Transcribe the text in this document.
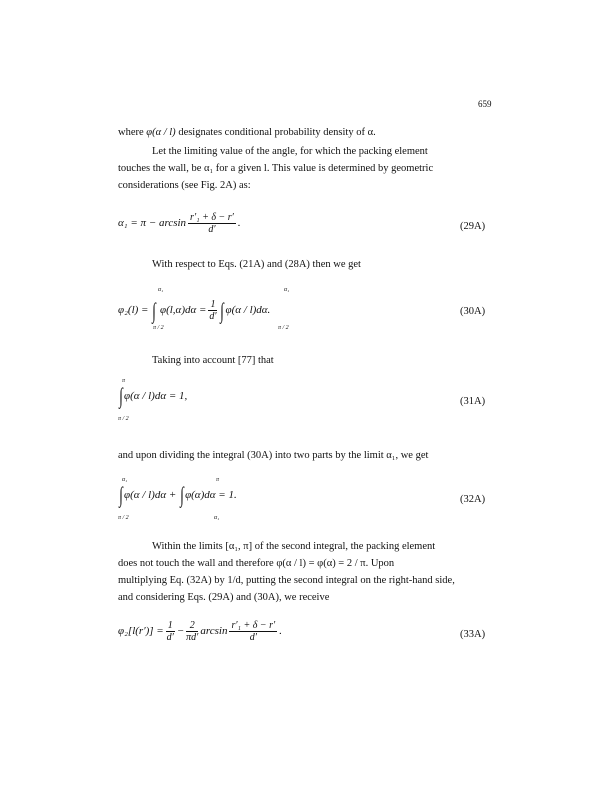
659
where φ(α / l) designates conditional probability density of α.
Let the limiting value of the angle, for which the packing element
touches the wall, be α₁ for a given l. This value is determined by geometric
considerations (see Fig. 2A) as:
$\alpha_1 = \pi - \arcsin \frac{\text{r′₁ + δ − r′}}{d'}$ .	(29A)
With respect to Eqs. (21A) and (28A) then we get
α₁
π / 2
α₁
π / 2
φ₂(l) = ∫ $\varphi(l,\alpha)d\alpha = \frac{1}{d'} \int\varphi(\alpha / l)d\alpha$.	(30A)
Taking into account [77] that
π
π / 2
∫φ(α / l)dα = 1,	(31A)
and upon dividing the integral (30A) into two parts by the limit α₁, we get
α₁
π / 2
π
α₁
∫φ(α / l)dα + ∫φ(α)dα = 1.	(32A)
Within the limits [α₁, π] of the second integral, the packing element
does not touch the wall and therefore φ(α / l) = φ(α) = 2 / π. Upon
multiplying Eq. (32A) by 1/d, putting the second integral on the right-hand side,
and considering Eqs. (29A) and (30A), we receive
$\varphi_2[l(r')] = \frac{1}{d'} - \frac{2}{\pi d'}$ $\arcsin \frac{\text{r′₁ + δ − r′}}{d'}$ .	(33A)
